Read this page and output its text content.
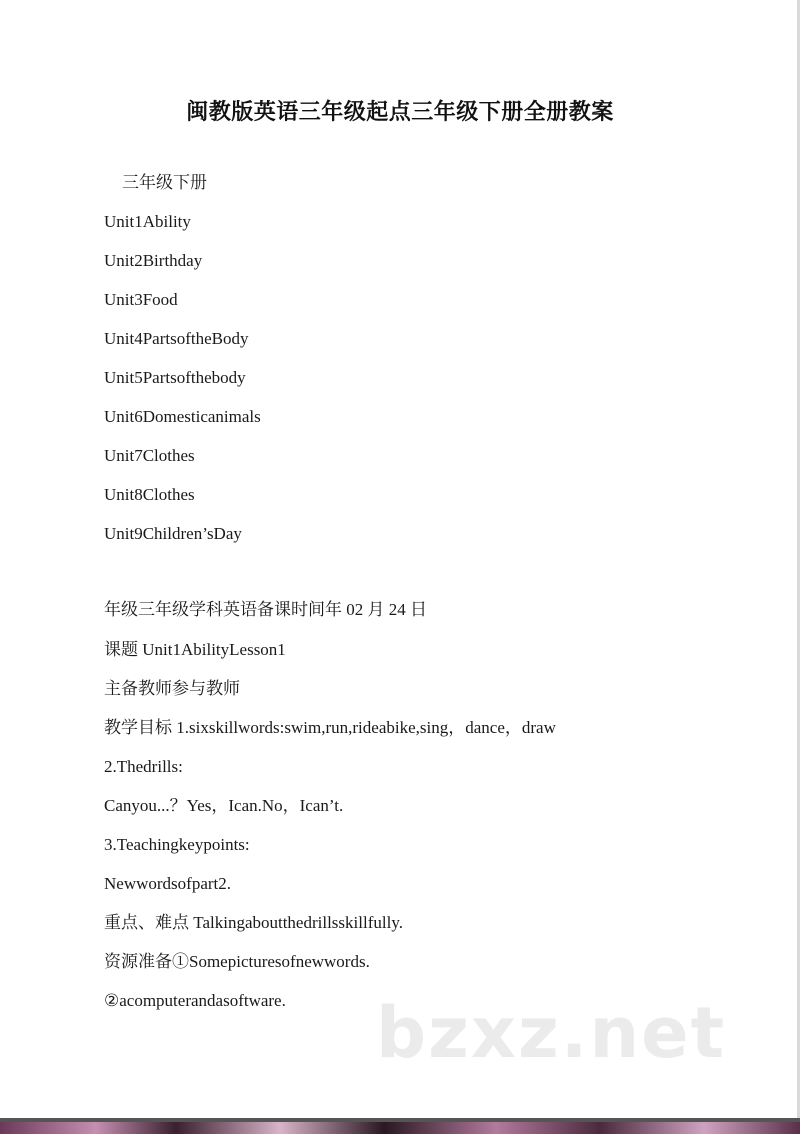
闽教版英语三年级起点三年级下册全册教案
三年级下册
Unit1Ability
Unit2Birthday
Unit3Food
Unit4PartsoftheBody
Unit5Partsofthebody
Unit6Domesticanimals
Unit7Clothes
Unit8Clothes
Unit9Children’sDay
年级三年级学科英语备课时间年 02 月 24 日
课题 Unit1AbilityLesson1
主备教师参与教师
教学目标 1.sixskillwords:swim,run,rideabike,sing，dance，draw
2.Thedrills:
Canyou...？Yes，Ican.No，Ican’t.
3.Teachingkeypoints:
Newwordsofpart2.
重点、难点 Talkingaboutthedrillsskillfully.
资源准备①Somepicturesofnewwords.
②acomputerandasoftware. bzxz.net
